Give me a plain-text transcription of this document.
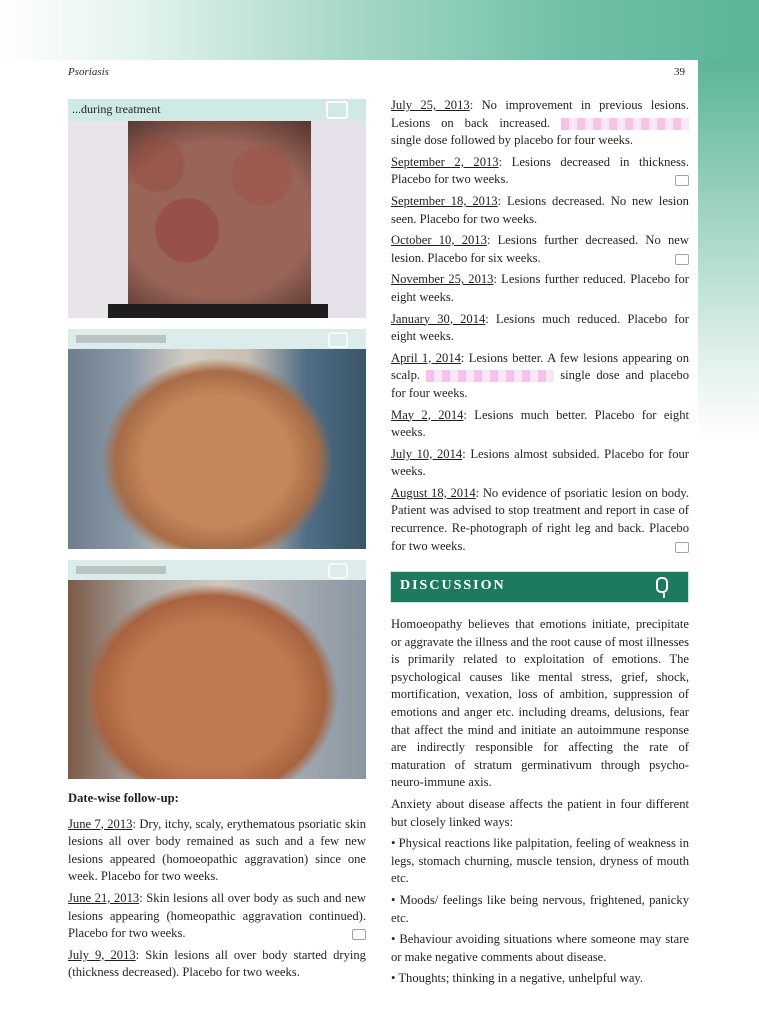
Psoriasis	39
...during treatment
Date-wise follow-up:

June 7, 2013: Dry, itchy, scaly, erythematous psoriatic skin lesions all over body remained as such and a few new lesions appeared (homoeopathic aggravation) since one week. Placebo for two weeks.

June 21, 2013: Skin lesions all over body as such and new lesions appearing (homeopathic aggravation continued). Placebo for two weeks.

July 9, 2013: Skin lesions all over body started drying (thickness decreased). Placebo for two weeks.

July 25, 2013: No improvement in previous lesions. Lesions on back increased.  single dose followed by placebo for four weeks.

September 2, 2013: Lesions decreased in thickness. Placebo for two weeks.

September 18, 2013: Lesions decreased. No new lesion seen. Placebo for two weeks.

October 10, 2013: Lesions further decreased. No new lesion. Placebo for six weeks.

November 25, 2013: Lesions further reduced. Placebo for eight weeks.

January 30, 2014: Lesions much reduced. Placebo for eight weeks.

April 1, 2014: Lesions better. A few lesions appearing on scalp.	single dose and placebo for four weeks.

May 2, 2014: Lesions much better. Placebo for eight weeks.

July 10, 2014: Lesions almost subsided. Placebo for four weeks.

August 18, 2014: No evidence of psoriatic lesion on body. Patient was advised to stop treatment and report in case of recurrence. Re-photograph of right leg and back. Placebo for two weeks.

DISCUSSION

Homoeopathy believes that emotions initiate, precipitate or aggravate the illness and the root cause of most illnesses is primarily related to exploitation of emotions. The psychological causes like mental stress, grief, shock, mortification, vexation, loss of ambition, suppression of emotions and anger etc. including dreams, delusions, fear that affect the mind and initiate an autoimmune response are indirectly responsible for affecting the rate of maturation of stratum germinativum through psycho-neuro-immune axis.

Anxiety about disease affects the patient in four different but closely linked ways:

• Physical reactions like palpitation, feeling of weakness in legs, stomach churning, muscle tension, dryness of mouth etc.

• Moods/ feelings like being nervous, frightened, panicky etc.

• Behaviour avoiding situations where someone may stare or make negative comments about disease.

• Thoughts; thinking in a negative, unhelpful way.
